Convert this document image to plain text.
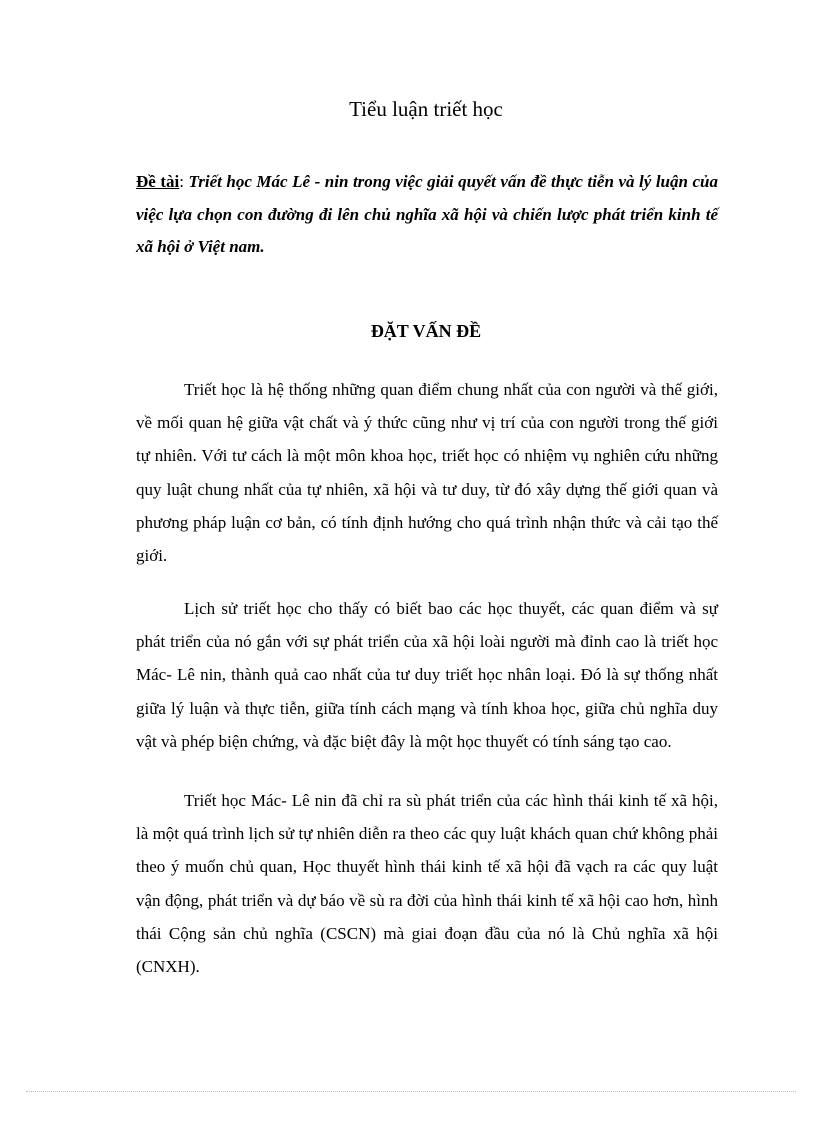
Tiểu luận triết học
Đề tài: Triết học Mác Lê - nin trong việc giải quyết vấn đề thực tiễn và lý luận của việc lựa chọn con đường đi lên chủ nghĩa xã hội và chiến lược phát triển kinh tế xã hội ở Việt nam.
ĐẶT VẤN ĐỀ

Triết học là hệ thống những quan điểm chung nhất của con người và thế giới, về mối quan hệ giữa vật chất và ý thức cũng như vị trí của con người trong thế giới tự nhiên. Với tư cách là một môn khoa học, triết học có nhiệm vụ nghiên cứu những quy luật chung nhất của tự nhiên, xã hội và tư duy, từ đó xây dựng thế giới quan và phương pháp luận cơ bản, có tính định hướng cho quá trình nhận thức và cải tạo thế giới.

Lịch sử triết học cho thấy có biết bao các học thuyết, các quan điểm và sự phát triển của nó gắn với sự phát triển của xã hội loài người mà đỉnh cao là triết học Mác- Lê nin, thành quả cao nhất của tư duy triết học nhân loại. Đó là sự thống nhất giữa lý luận và thực tiễn, giữa tính cách mạng và tính khoa học, giữa chủ nghĩa duy vật và phép biện chứng, và đặc biệt đây là một học thuyết có tính sáng tạo cao.

Triết học Mác- Lê nin đã chỉ ra sù phát triển của các hình thái kinh tế xã hội, là một quá trình lịch sử tự nhiên diễn ra theo các quy luật khách quan chứ không phải theo ý muốn chủ quan, Học thuyết hình thái kinh tế xã hội đã vạch ra các quy luật vận động, phát triển và dự báo về sù ra đời của hình thái kinh tế xã hội cao hơn, hình thái Cộng sản chủ nghĩa (CSCN) mà giai đoạn đầu của nó là Chủ nghĩa xã hội (CNXH).
